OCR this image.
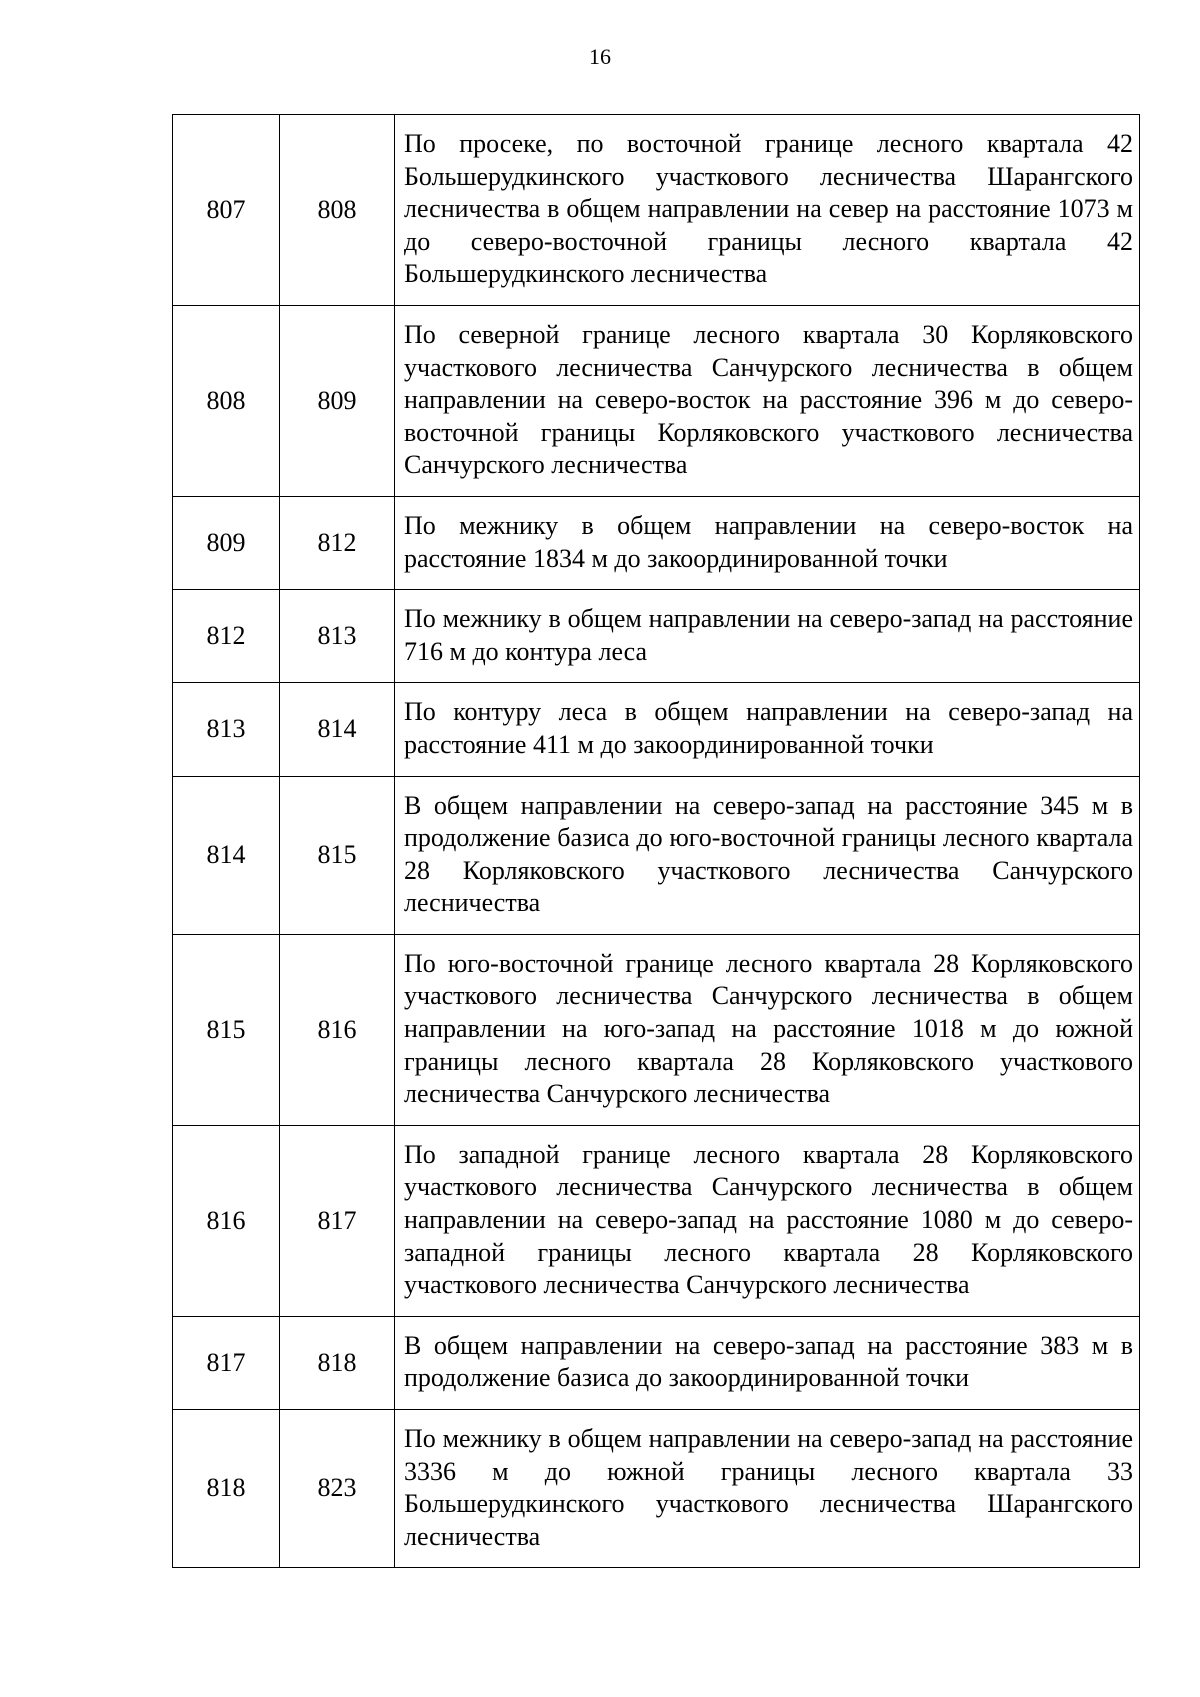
16
807	808	По просеке, по восточной границе лесного квартала 42 Большерудкинского участкового лесничества Шарангского лесничества в общем направлении на север на расстояние 1073 м до северо-восточной границы лесного квартала 42 Большерудкинского лесничества
808	809	По северной границе лесного квартала 30 Корляковского участкового лесничества Санчурского лесничества в общем направлении на северо-восток на расстояние 396 м до северо-восточной границы Корляковского участкового лесничества Санчурского лесничества
809	812	По межнику в общем направлении на северо-восток на расстояние 1834 м до закоординированной точки
812	813	По межнику в общем направлении на северо-запад на расстояние 716 м до контура леса
813	814	По контуру леса в общем направлении на северо-запад на расстояние 411 м до закоординированной точки
814	815	В общем направлении на северо-запад на расстояние 345 м в продолжение базиса до юго-восточной границы лесного квартала 28 Корляковского участкового лесничества Санчурского лесничества
815	816	По юго-восточной границе лесного квартала 28 Корляковского участкового лесничества Санчурского лесничества в общем направлении на юго-запад на расстояние 1018 м до южной границы лесного квартала 28 Корляковского участкового лесничества Санчурского лесничества
816	817	По западной границе лесного квартала 28 Корляковского участкового лесничества Санчурского лесничества в общем направлении на северо-запад на расстояние 1080 м до северо-западной границы лесного квартала 28 Корляковского участкового лесничества Санчурского лесничества
817	818	В общем направлении на северо-запад на расстояние 383 м в продолжение базиса до закоординированной точки
818	823	По межнику в общем направлении на северо-запад на расстояние 3336 м до южной границы лесного квартала 33 Большерудкинского участкового лесничества Шарангского лесничества
